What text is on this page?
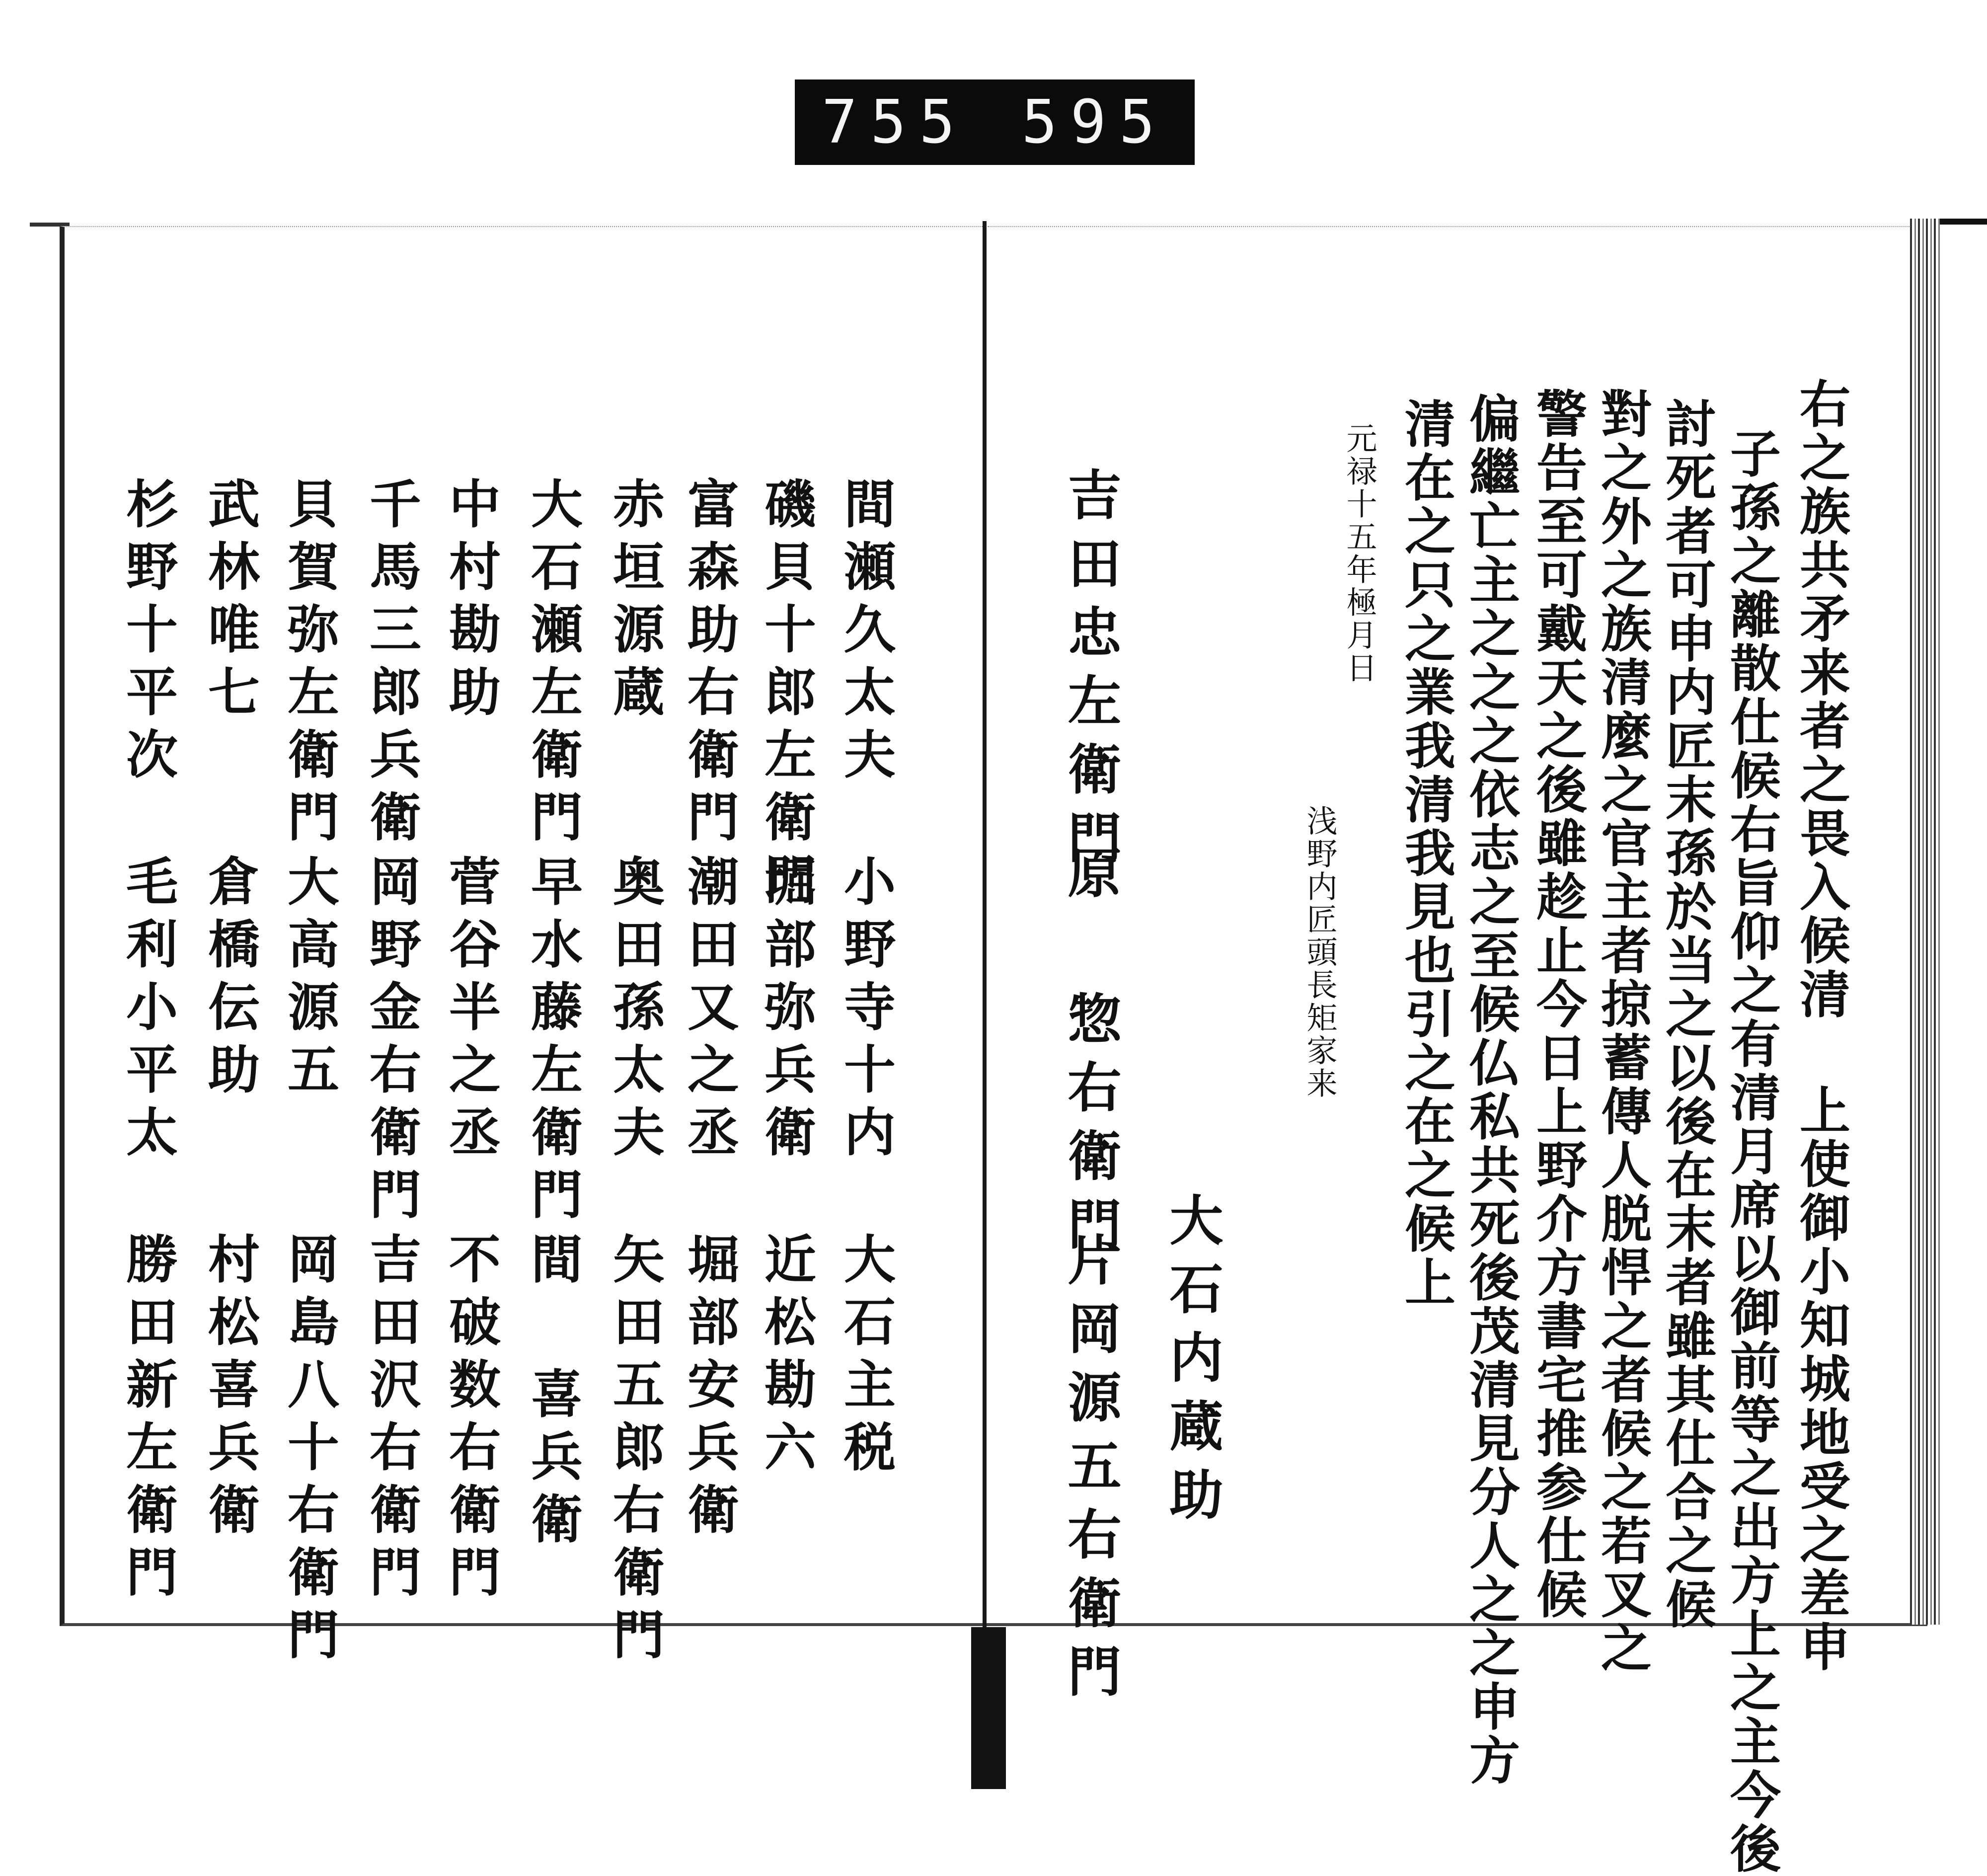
755 595
右之族共矛来者之畏入候清 上使御小知城地受之差申
子孫之離散仕候右旨仰之有清月席以御前等之出方上之主今後
討死者可申内匠末孫於当之以後在末者雖其仕合之候
對之外之族清麼之官主者掠蓄傳人脱悍之者候之若叉之
警告至可戴天之後雖趁止今日上野介方書宅推参仕候
偏繼亡主之之之依志之至候仏私共死後茂清見分人之之申方
清在之只之業我清我見也引之在之候上
元禄十五年極月日
浅野内匠頭長矩家来
大石内蔵助
吉田忠左衛門
片岡源五右衛門
原 惣右衛門
間瀬久太夫
小野寺十内
大石主税
磯貝十郎左衛門
堀部弥兵衛
近松勘六
富森助右衛門
潮田又之丞
堀部安兵衛
赤垣源蔵
奥田孫太夫
矢田五郎右衛門
大石瀬左衛門
早水藤左衛門
間 喜兵衛
中村勘助
菅谷半之丞
不破数右衛門
千馬三郎兵衛
岡野金右衛門
吉田沢右衛門
貝賀弥左衛門
大高源五
岡島八十右衛門
武林唯七
倉橋伝助
村松喜兵衛
杉野十平次
毛利小平太
勝田新左衛門
